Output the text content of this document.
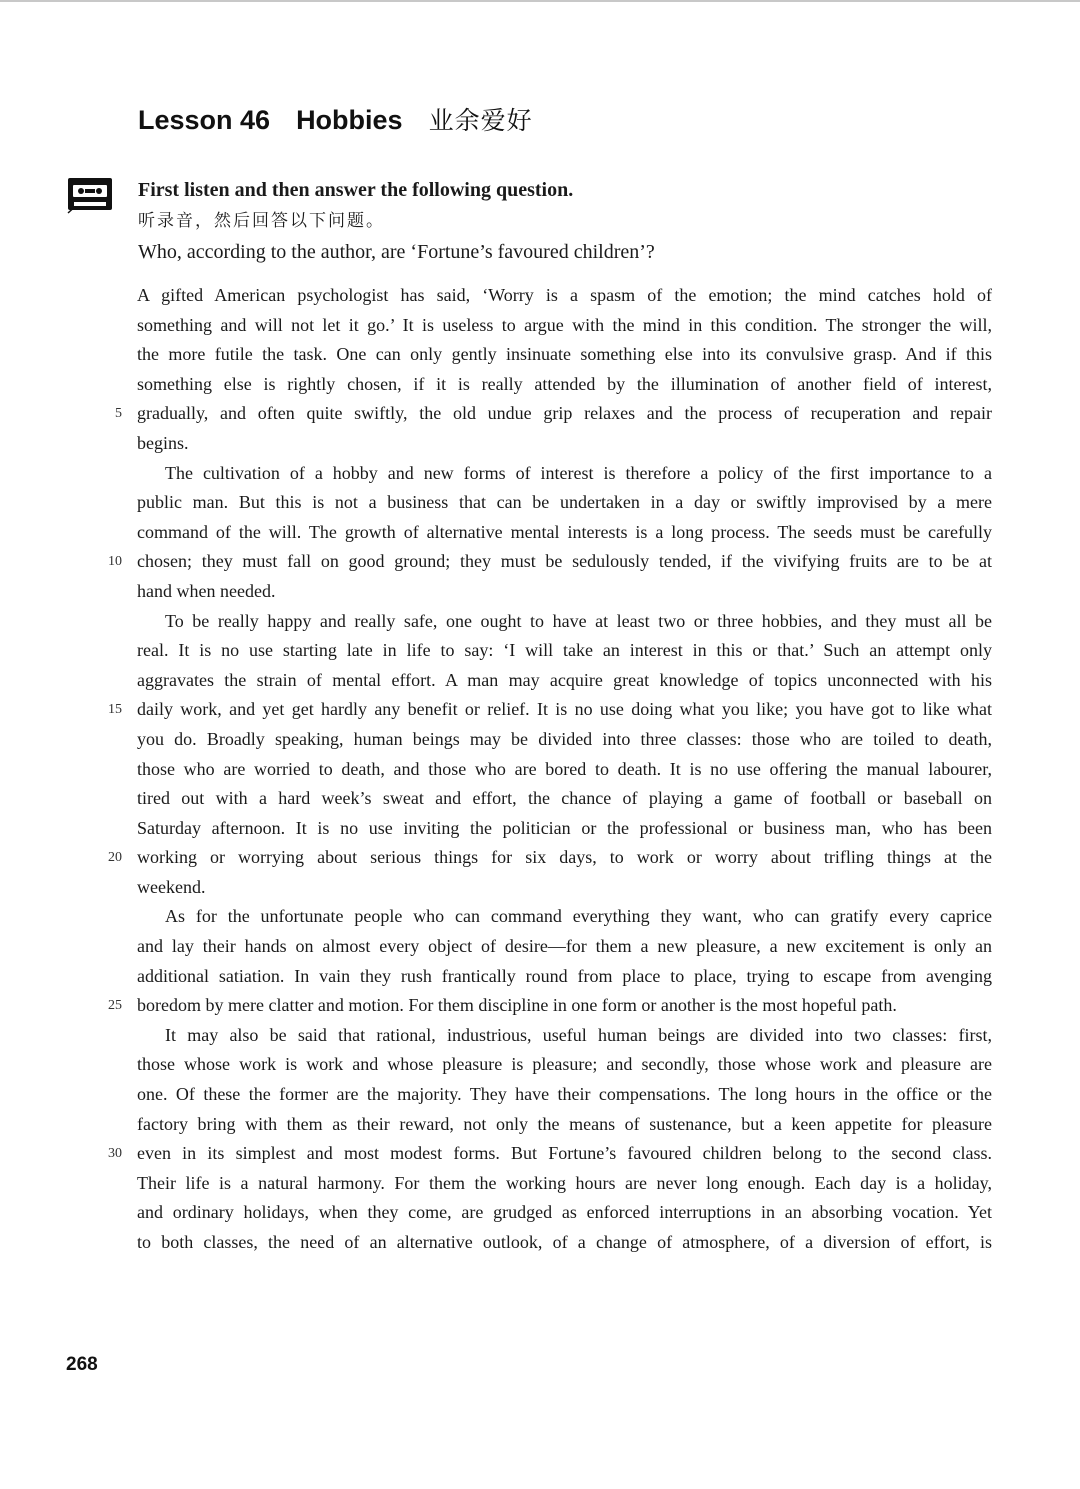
Lesson 46 Hobbies 业余爱好
First listen and then answer the following question.
听录音，然后回答以下问题。
Who, according to the author, are ‘Fortune’s favoured children’?
A gifted American psychologist has said, ‘Worry is a spasm of the emotion; the mind catches hold of
something and will not let it go.’ It is useless to argue with the mind in this condition. The stronger the will,
the more futile the task. One can only gently insinuate something else into its convulsive grasp. And if this
something else is rightly chosen, if it is really attended by the illumination of another field of interest,
gradually, and often quite swiftly, the old undue grip relaxes and the process of recuperation and repair
begins.
The cultivation of a hobby and new forms of interest is therefore a policy of the first importance to a
public man. But this is not a business that can be undertaken in a day or swiftly improvised by a mere
command of the will. The growth of alternative mental interests is a long process. The seeds must be carefully
chosen; they must fall on good ground; they must be sedulously tended, if the vivifying fruits are to be at
hand when needed.
To be really happy and really safe, one ought to have at least two or three hobbies, and they must all be
real. It is no use starting late in life to say: ‘I will take an interest in this or that.’ Such an attempt only
aggravates the strain of mental effort. A man may acquire great knowledge of topics unconnected with his
daily work, and yet get hardly any benefit or relief. It is no use doing what you like; you have got to like what
you do. Broadly speaking, human beings may be divided into three classes: those who are toiled to death,
those who are worried to death, and those who are bored to death. It is no use offering the manual labourer,
tired out with a hard week’s sweat and effort, the chance of playing a game of football or baseball on
Saturday afternoon. It is no use inviting the politician or the professional or business man, who has been
working or worrying about serious things for six days, to work or worry about trifling things at the
weekend.
As for the unfortunate people who can command everything they want, who can gratify every caprice
and lay their hands on almost every object of desire—for them a new pleasure, a new excitement is only an
additional satiation. In vain they rush frantically round from place to place, trying to escape from avenging
boredom by mere clatter and motion. For them discipline in one form or another is the most hopeful path.
It may also be said that rational, industrious, useful human beings are divided into two classes: first,
those whose work is work and whose pleasure is pleasure; and secondly, those whose work and pleasure are
one. Of these the former are the majority. They have their compensations. The long hours in the office or the
factory bring with them as their reward, not only the means of sustenance, but a keen appetite for pleasure
even in its simplest and most modest forms. But Fortune’s favoured children belong to the second class.
Their life is a natural harmony. For them the working hours are never long enough. Each day is a holiday,
and ordinary holidays, when they come, are grudged as enforced interruptions in an absorbing vocation. Yet
to both classes, the need of an alternative outlook, of a change of atmosphere, of a diversion of effort, is
5
10
15
20
25
30
268
